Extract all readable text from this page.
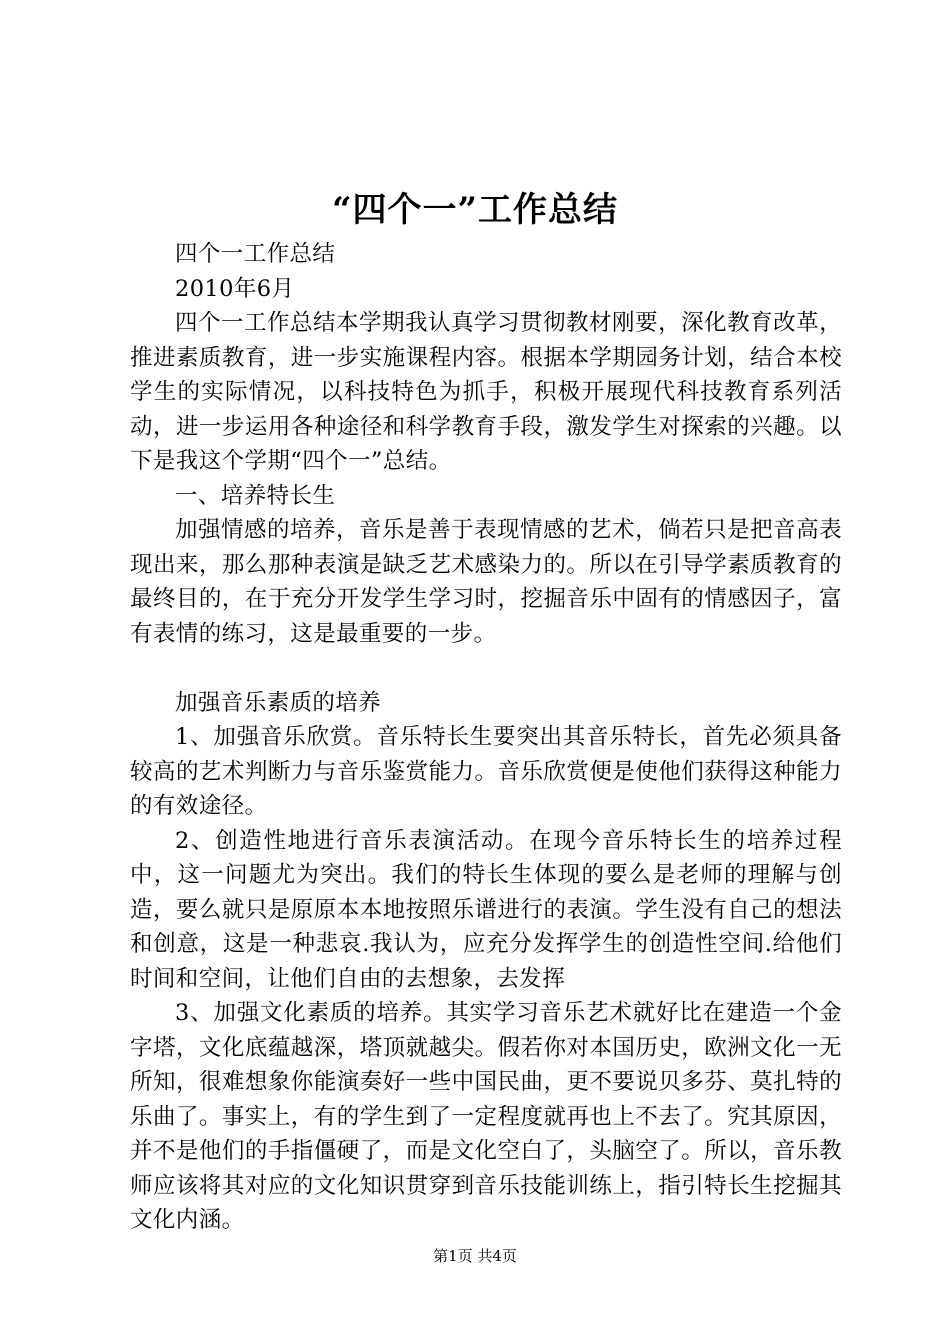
“四个一”工作总结

四个一工作总结

2010年6月

四个一工作总结本学期我认真学习贯彻教材刚要，深化教育改革，推进素质教育，进一步实施课程内容。根据本学期园务计划，结合本校学生的实际情况，以科技特色为抓手，积极开展现代科技教育系列活动，进一步运用各种途径和科学教育手段，激发学生对探索的兴趣。以下是我这个学期“四个一”总结。

一、培养特长生

加强情感的培养，音乐是善于表现情感的艺术，倘若只是把音高表现出来，那么那种表演是缺乏艺术感染力的。所以在引导学素质教育的最终目的，在于充分开发学生学习时，挖掘音乐中固有的情感因子，富有表情的练习，这是最重要的一步。

加强音乐素质的培养

1、加强音乐欣赏。音乐特长生要突出其音乐特长，首先必须具备较高的艺术判断力与音乐鉴赏能力。音乐欣赏便是使他们获得这种能力的有效途径。

2、创造性地进行音乐表演活动。在现今音乐特长生的培养过程中，这一问题尤为突出。我们的特长生体现的要么是老师的理解与创造，要么就只是原原本本地按照乐谱进行的表演。学生没有自己的想法和创意，这是一种悲哀.我认为，应充分发挥学生的创造性空间.给他们时间和空间，让他们自由的去想象，去发挥

3、加强文化素质的培养。其实学习音乐艺术就好比在建造一个金字塔，文化底蕴越深，塔顶就越尖。假若你对本国历史，欧洲文化一无所知，很难想象你能演奏好一些中国民曲，更不要说贝多芬、莫扎特的乐曲了。事实上，有的学生到了一定程度就再也上不去了。究其原因，并不是他们的手指僵硬了，而是文化空白了，头脑空了。所以，音乐教师应该将其对应的文化知识贯穿到音乐技能训练上，指引特长生挖掘其文化内涵。

第1页 共4页
